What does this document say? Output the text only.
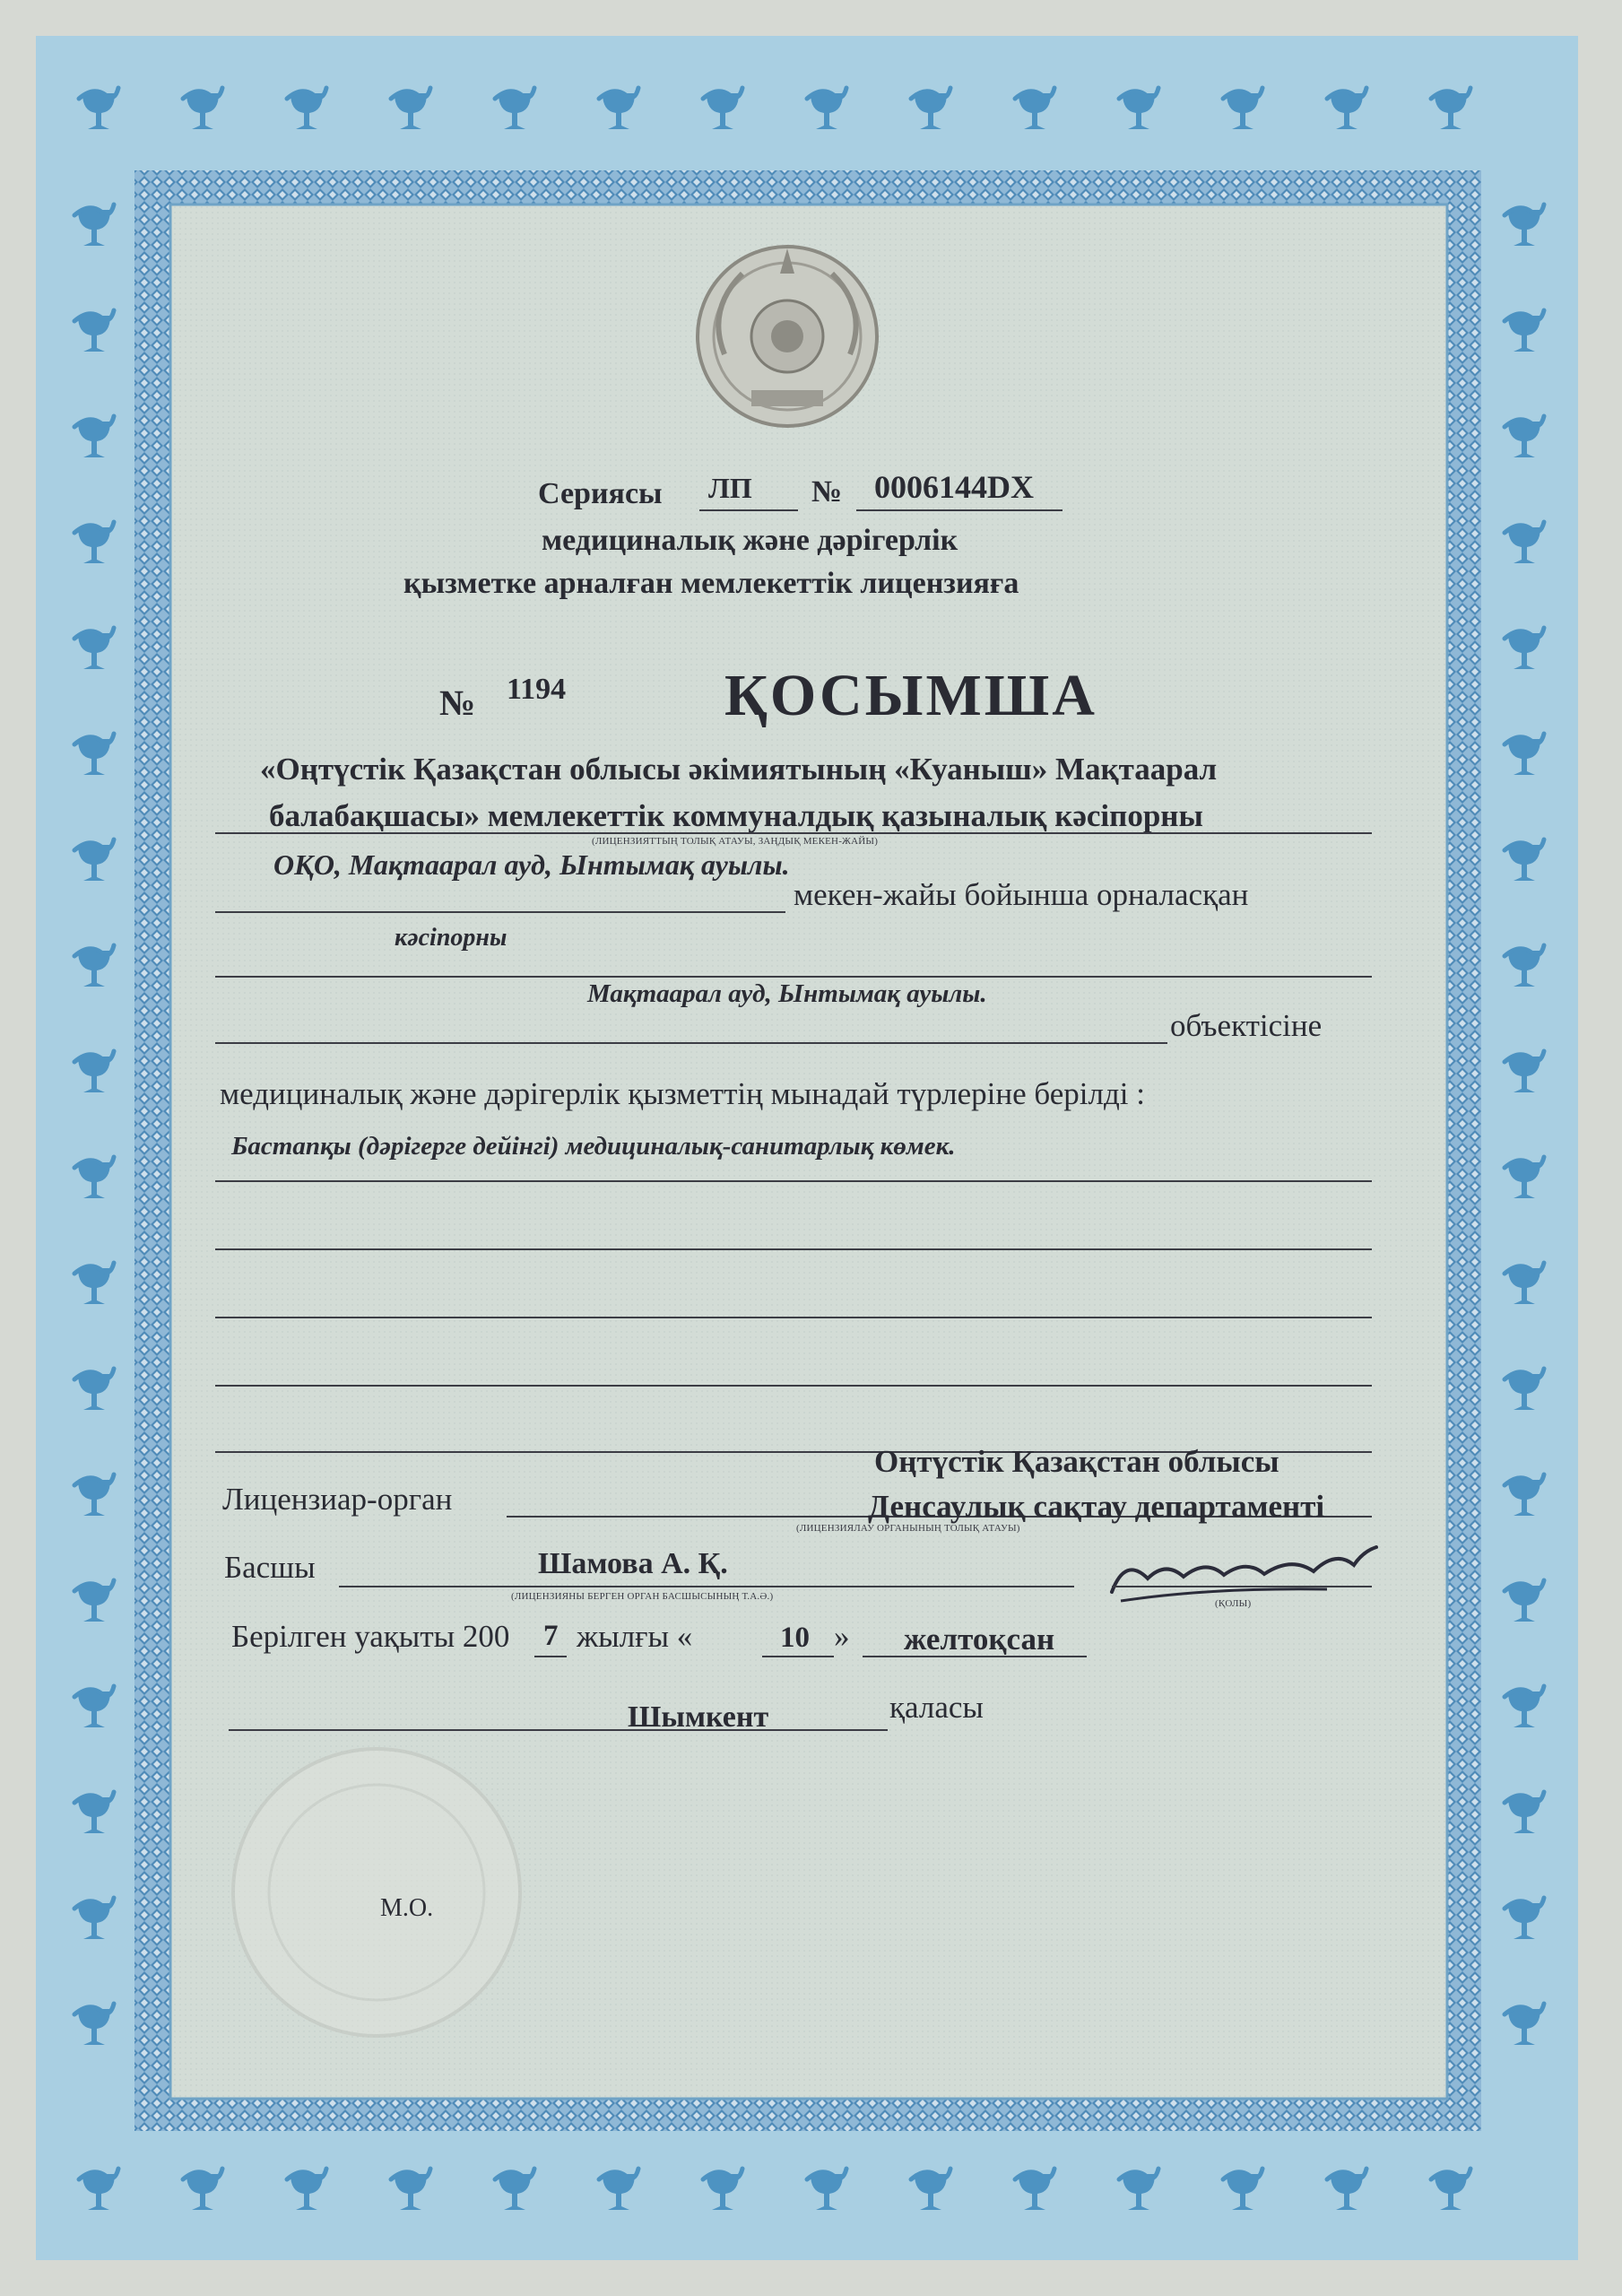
Сериясы ЛП № 0006144DX
медициналық және дәрігерлік
қызметке арналған мемлекеттік лицензияға
№ 1194	ҚОСЫМША
«Оңтүстік Қазақстан облысы әкімиятының «Куаныш» Мақтаарал
балабақшасы» мемлекеттік коммуналдық қазыналық кәсіпорны
(ЛИЦЕНЗИЯТТЫҢ ТОЛЫҚ АТАУЫ, ЗАҢДЫҚ МЕКЕН-ЖАЙЫ)
ОҚО, Мақтаарал ауд, Ынтымақ ауылы.
мекен-жайы бойынша орналасқан
кәсіпорны
Мақтаарал ауд, Ынтымақ ауылы.
объектісіне
медициналық және дәрігерлік қызметтің мынадай түрлеріне берілді :
Бастапқы (дәрігерге дейінгі) медициналық-санитарлық көмек.
Оңтүстік Қазақстан облысы
Лицензиар-орган	Денсаулық сақтау департаменті
(ЛИЦЕНЗИЯЛАУ ОРГАНЫНЫҢ ТОЛЫҚ АТАУЫ)
Басшы	Шамова А. Қ.
(ЛИЦЕНЗИЯНЫ БЕРГЕН ОРГАН БАСШЫСЫНЫҢ Т.А.Ә.)
(ҚОЛЫ)
Берілген уақыты 200 7 жылғы «	10 » желтоқсан
Шымкент	қаласы
М.О.
